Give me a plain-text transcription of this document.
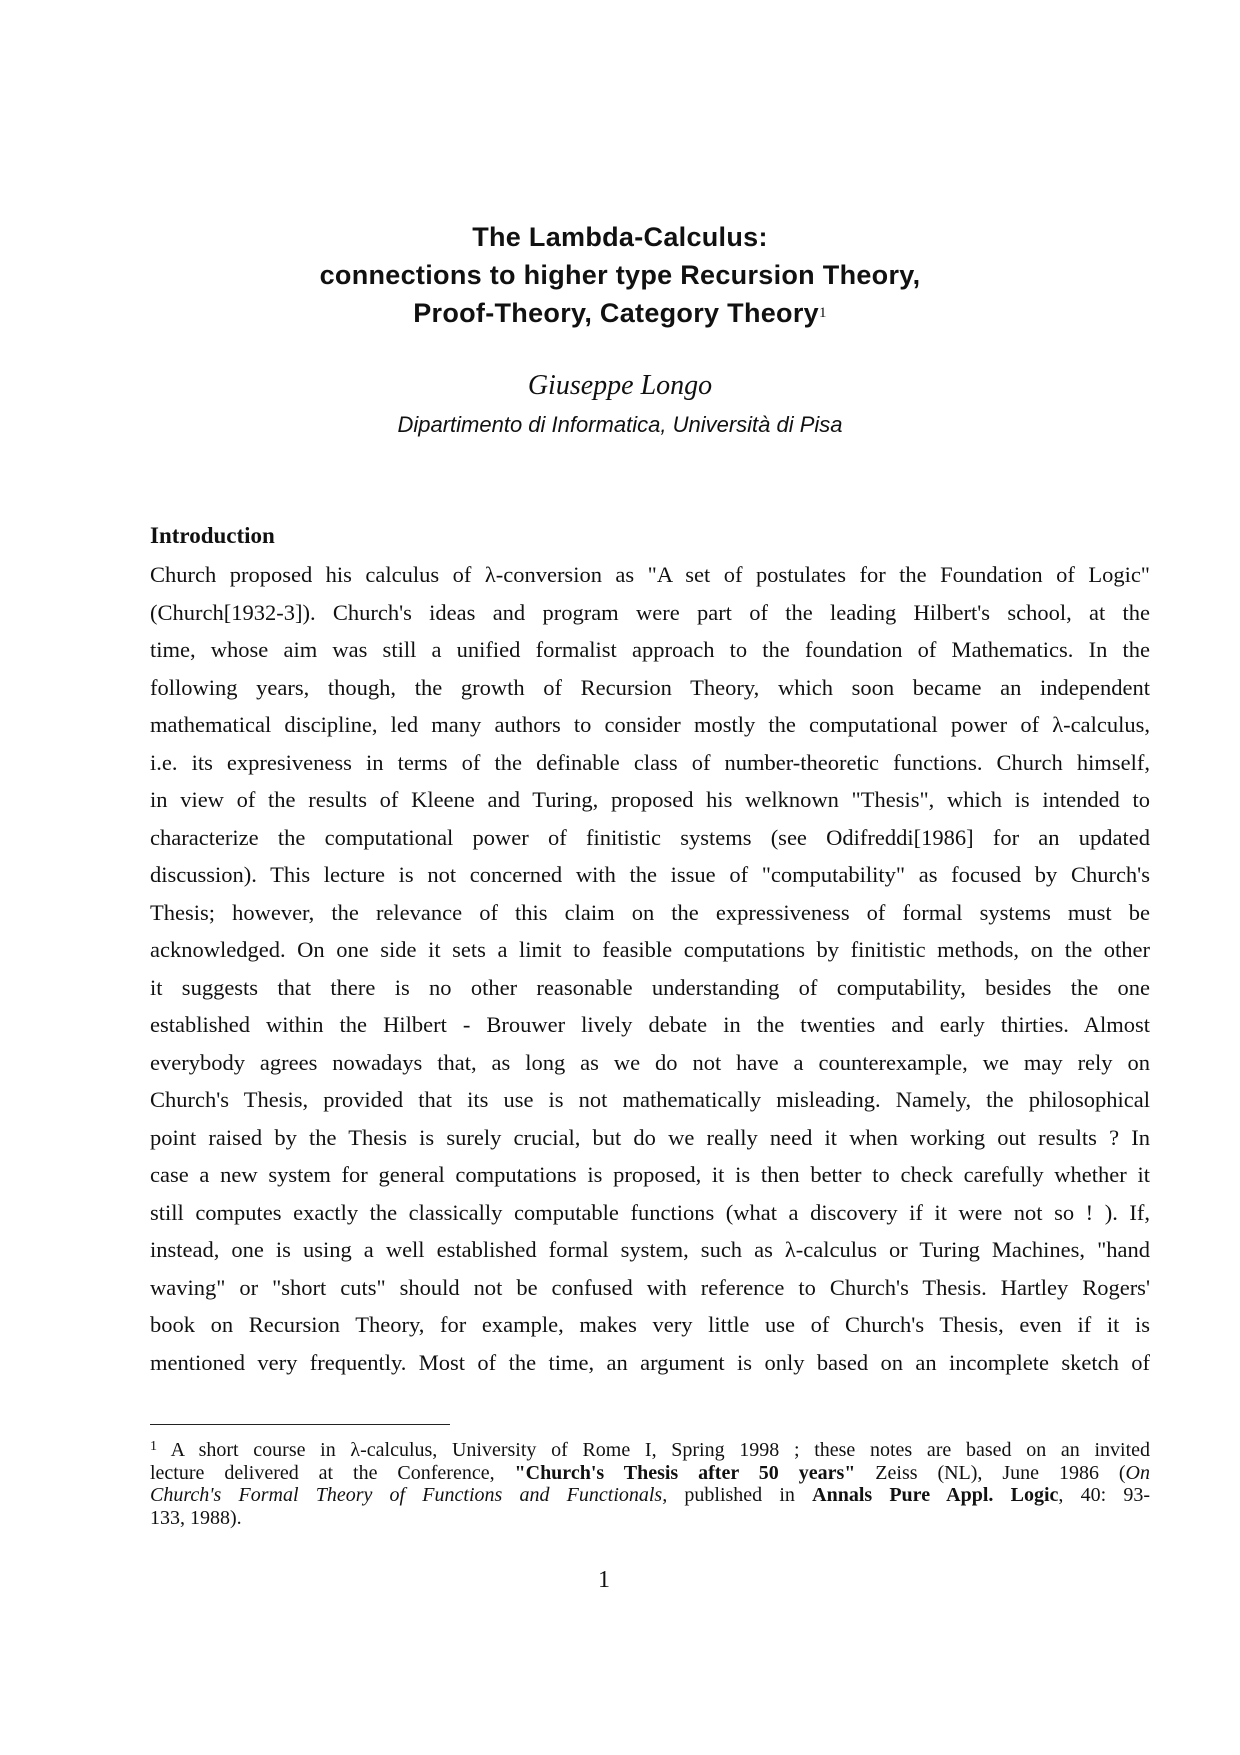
The Lambda-Calculus:
connections to higher type Recursion Theory,
Proof-Theory, Category Theory1
Giuseppe Longo
Dipartimento di Informatica, Università di Pisa
Introduction
Church proposed his calculus of λ-conversion as "A set of postulates for the Foundation of Logic"
(Church[1932-3]). Church's ideas and program were part of the leading Hilbert's school, at the
time, whose aim was still a unified formalist approach to the foundation of Mathematics. In the
following years, though, the growth of Recursion Theory, which soon became an independent
mathematical discipline, led many authors to consider mostly the computational power of λ-calculus,
i.e. its expresiveness in terms of the definable class of number-theoretic functions. Church himself,
in view of the results of Kleene and Turing, proposed his welknown "Thesis", which is intended to
characterize the computational power of finitistic systems (see Odifreddi[1986] for an updated
discussion). This lecture is not concerned with the issue of "computability" as focused by Church's
Thesis; however, the relevance of this claim on the expressiveness of formal systems must be
acknowledged. On one side it sets a limit to feasible computations by finitistic methods, on the other
it suggests that there is no other reasonable understanding of computability, besides the one
established within the Hilbert - Brouwer lively debate in the twenties and early thirties. Almost
everybody agrees nowadays that, as long as we do not have a counterexample, we may rely on
Church's Thesis, provided that its use is not mathematically misleading. Namely, the philosophical
point raised by the Thesis is surely crucial, but do we really need it when working out results ? In
case a new system for general computations is proposed, it is then better to check carefully whether it
still computes exactly the classically computable functions (what a discovery if it were not so ! ). If,
instead, one is using a well established formal system, such as λ-calculus or Turing Machines, "hand
waving" or "short cuts" should not be confused with reference to Church's Thesis. Hartley Rogers'
book on Recursion Theory, for example, makes very little use of Church's Thesis, even if it is
mentioned very frequently. Most of the time, an argument is only based on an incomplete sketch of
$^1$ A short course in λ-calculus, University of Rome I, Spring 1998 ; these notes are based on an invited
lecture delivered at the Conference, "Church's Thesis after 50 years" Zeiss (NL), June 1986 (On
Church's Formal Theory of Functions and Functionals, published in Annals Pure Appl. Logic, 40: 93-
133, 1988).
1
